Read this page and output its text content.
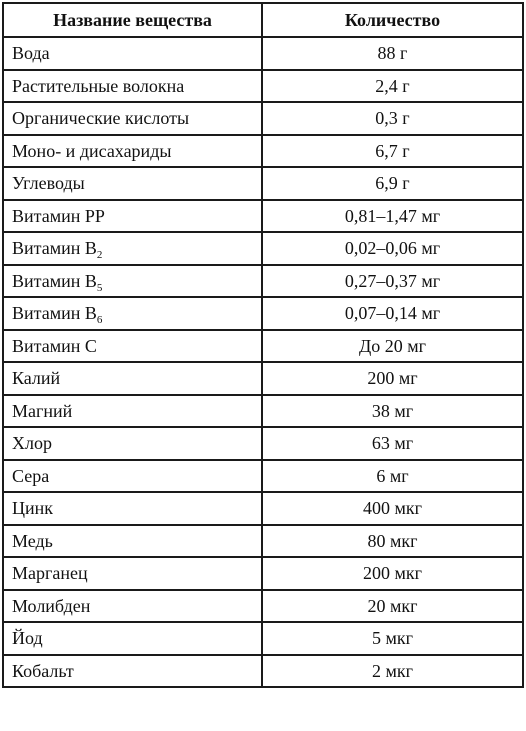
Название вещества	Количество
Вода	88 г
Растительные волокна	2,4 г
Органические кислоты	0,3 г
Моно- и дисахариды	6,7 г
Углеводы	6,9 г
Витамин PP	0,81–1,47 мг
Витамин $B_2$	0,02–0,06 мг
Витамин $B_5$	0,27–0,37 мг
Витамин $B_6$	0,07–0,14 мг
Витамин C	До 20 мг
Калий	200 мг
Магний	38 мг
Хлор	63 мг
Сера	6 мг
Цинк	400 мкг
Медь	80 мкг
Марганец	200 мкг
Молибден	20 мкг
Йод	5 мкг
Кобальт	2 мкг
